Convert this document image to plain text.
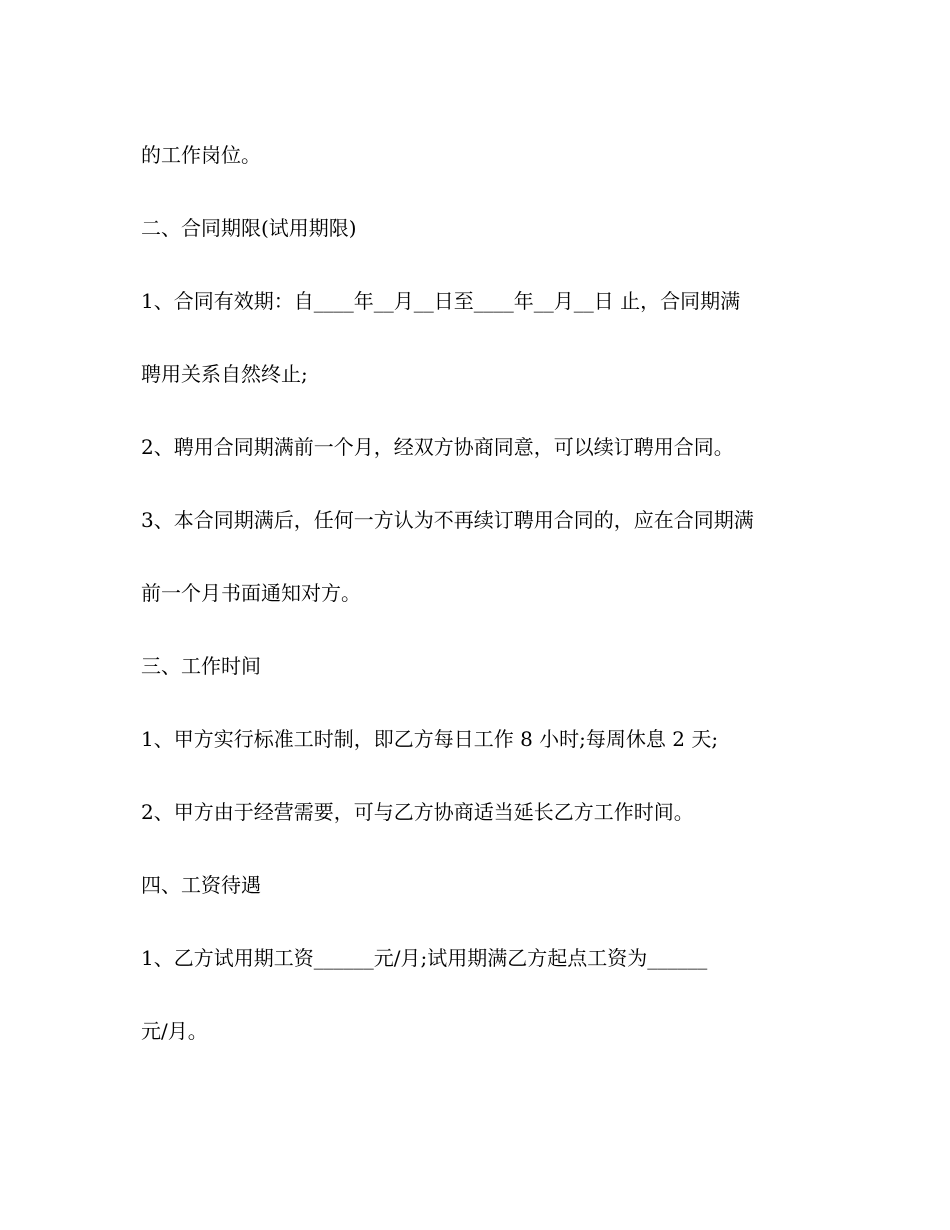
的工作岗位。
二、合同期限(试用期限)
1、合同有效期：自____年__月__日至____年__月__日 止，合同期满
聘用关系自然终止;
2、聘用合同期满前一个月，经双方协商同意，可以续订聘用合同。
3、本合同期满后，任何一方认为不再续订聘用合同的，应在合同期满
前一个月书面通知对方。
三、工作时间
1、甲方实行标准工时制，即乙方每日工作 8 小时;每周休息 2 天;
2、甲方由于经营需要，可与乙方协商适当延长乙方工作时间。
四、工资待遇
1、乙方试用期工资______元/月;试用期满乙方起点工资为______
元/月。
